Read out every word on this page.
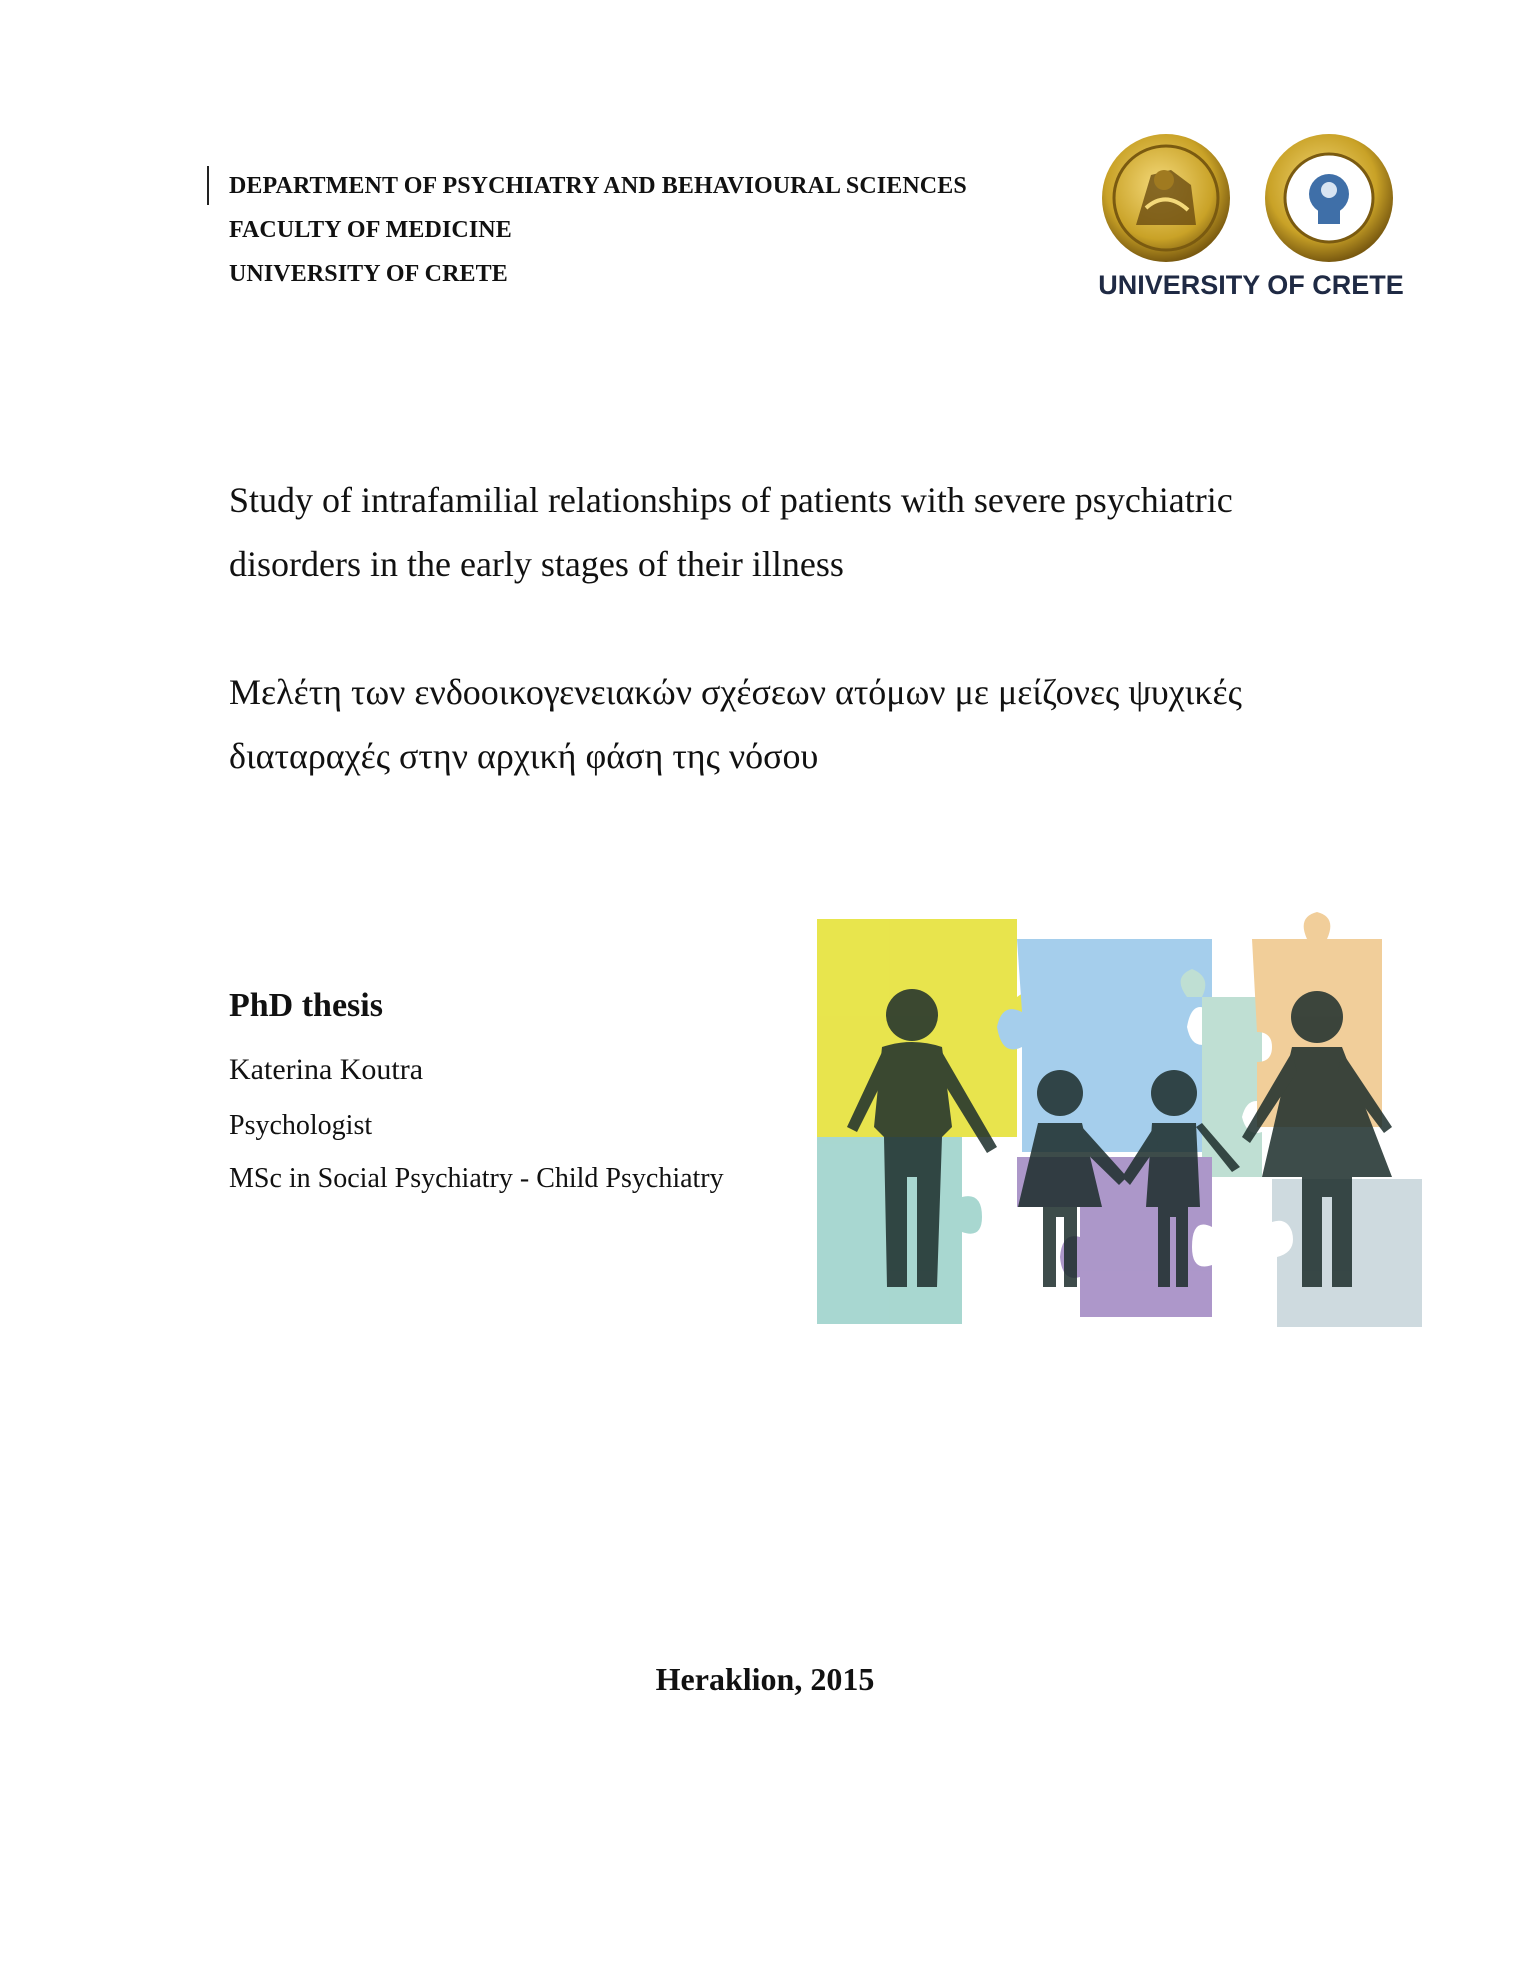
DEPARTMENT OF PSYCHIATRY AND BEHAVIOURAL SCIENCES
FACULTY OF MEDICINE
UNIVERSITY OF CRETE	UNIVERSITY OF CRETE
Study of intrafamilial relationships of patients with severe psychiatric disorders in the early stages of their illness
Μελέτη των ενδοοικογενειακών σχέσεων ατόμων με μείζονες ψυχικές διαταραχές στην αρχική φάση της νόσου
PhD thesis
Katerina Koutra
Psychologist
MSc in Social Psychiatry - Child Psychiatry
Heraklion, 2015
